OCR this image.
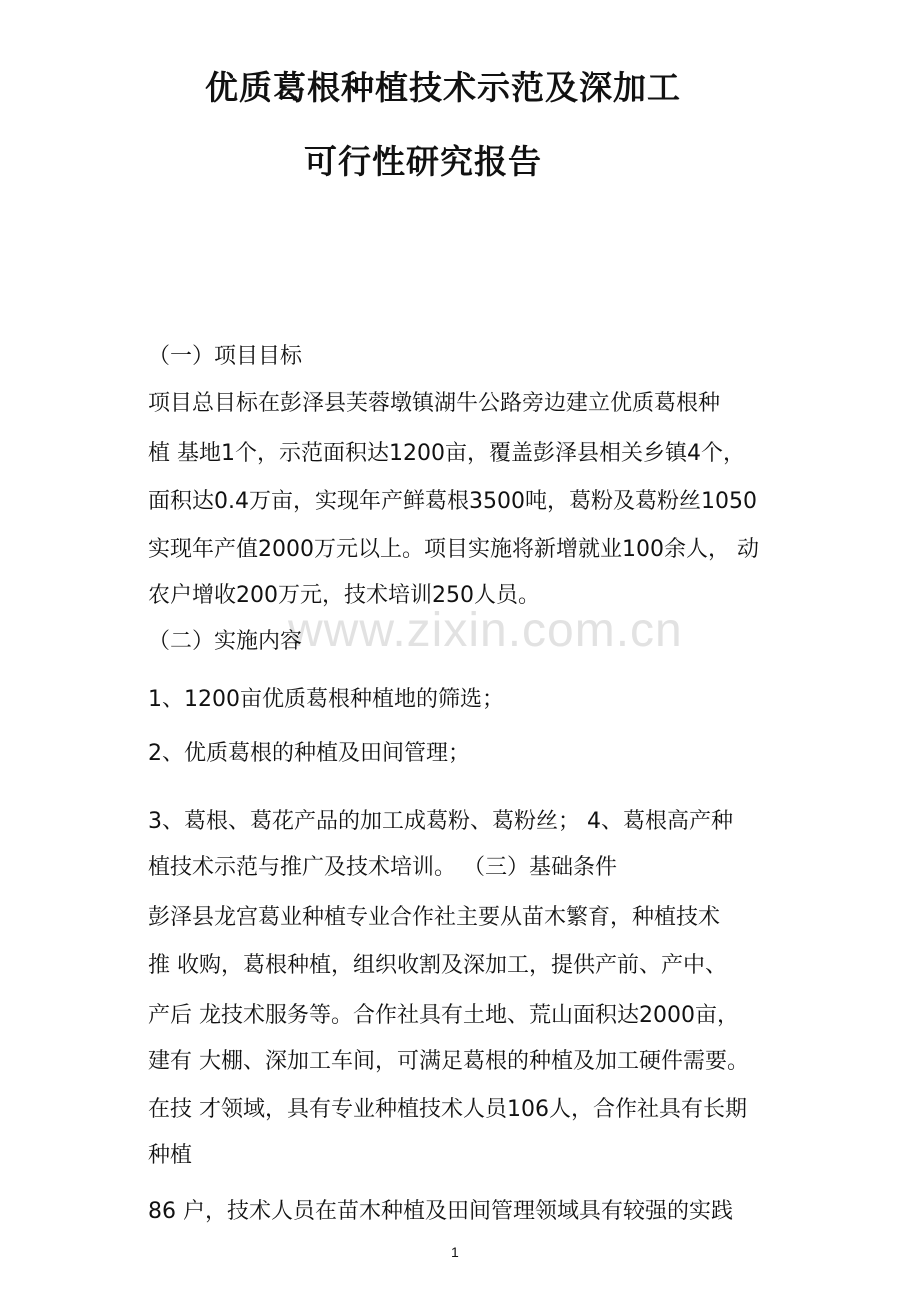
优质葛根种植技术示范及深加工
可行性研究报告
www.zixin.com.cn
（一）项目目标
项目总目标在彭泽县芙蓉墩镇湖牛公路旁边建立优质葛根种
植 基地1个，示范面积达1200亩，覆盖彭泽县相关乡镇4个，
面积达0.4万亩，实现年产鲜葛根3500吨，葛粉及葛粉丝1050
实现年产值2000万元以上。项目实施将新增就业100余人， 动
农户增收200万元，技术培训250人员。
（二）实施内容
1、1200亩优质葛根种植地的筛选；
2、优质葛根的种植及田间管理；
3、葛根、葛花产品的加工成葛粉、葛粉丝； 4、葛根高产种
植技术示范与推广及技术培训。 （三）基础条件
彭泽县龙宫葛业种植专业合作社主要从苗木繁育，种植技术
推 收购，葛根种植，组织收割及深加工，提供产前、产中、
产后 龙技术服务等。合作社具有土地、荒山面积达2000亩，
建有 大棚、深加工车间，可满足葛根的种植及加工硬件需要。
在技 才领域，具有专业种植技术人员106人，合作社具有长期
种植
86 户，技术人员在苗木种植及田间管理领域具有较强的实践
1
